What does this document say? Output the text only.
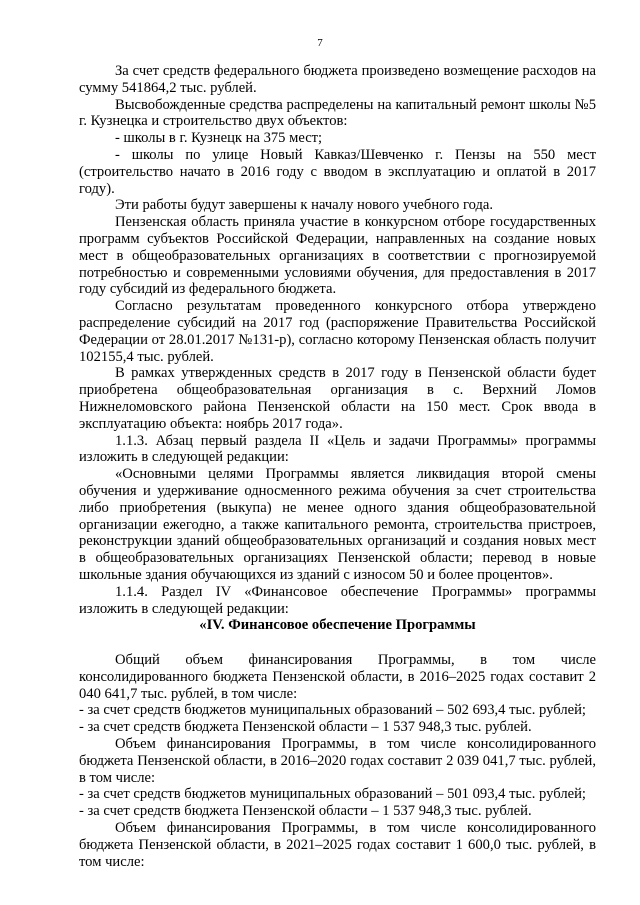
7

За счет средств федерального бюджета произведено возмещение расходов на сумму 541864,2 тыс. рублей.

Высвобожденные средства распределены на капитальный ремонт школы №5 г. Кузнецка и строительство двух объектов:

- школы в г. Кузнецк на 375 мест;

- школы по улице Новый Кавказ/Шевченко г. Пензы на 550 мест (строительство начато в 2016 году с вводом в эксплуатацию и оплатой в 2017 году).

Эти работы будут завершены к началу нового учебного года.

Пензенская область приняла участие в конкурсном отборе государственных программ субъектов Российской Федерации, направленных на создание новых мест в общеобразовательных организациях в соответствии с прогнозируемой потребностью и современными условиями обучения, для предоставления в 2017 году субсидий из федерального бюджета.

Согласно результатам проведенного конкурсного отбора утверждено распределение субсидий на 2017 год (распоряжение Правительства Российской Федерации от 28.01.2017 №131-р), согласно которому Пензенская область получит 102155,4 тыс. рублей.

В рамках утвержденных средств в 2017 году в Пензенской области будет приобретена общеобразовательная организация в с. Верхний Ломов Нижнеломовского района Пензенской области на 150 мест. Срок ввода в эксплуатацию объекта: ноябрь 2017 года».

1.1.3. Абзац первый раздела II «Цель и задачи Программы» программы изложить в следующей редакции:

«Основными целями Программы является ликвидация второй смены обучения и удерживание односменного режима обучения за счет строительства либо приобретения (выкупа) не менее одного здания общеобразовательной организации ежегодно, а также капитального ремонта, строительства пристроев, реконструкции зданий общеобразовательных организаций и создания новых мест в общеобразовательных организациях Пензенской области; перевод в новые школьные здания обучающихся из зданий с износом 50 и более процентов».

1.1.4. Раздел IV «Финансовое обеспечение Программы» программы изложить в следующей редакции:

«IV. Финансовое обеспечение Программы

Общий объем финансирования Программы, в том числе консолидированного бюджета Пензенской области, в 2016–2025 годах составит 2 040 641,7 тыс. рублей, в том числе:

- за счет средств бюджетов муниципальных образований – 502 693,4 тыс. рублей;

- за счет средств бюджета Пензенской области – 1 537 948,3 тыс. рублей.

Объем финансирования Программы, в том числе консолидированного бюджета Пензенской области, в 2016–2020 годах составит 2 039 041,7 тыс. рублей, в том числе:

- за счет средств бюджетов муниципальных образований – 501 093,4 тыс. рублей;

- за счет средств бюджета Пензенской области – 1 537 948,3 тыс. рублей.

Объем финансирования Программы, в том числе консолидированного бюджета Пензенской области, в 2021–2025 годах составит 1 600,0 тыс. рублей, в том числе:
